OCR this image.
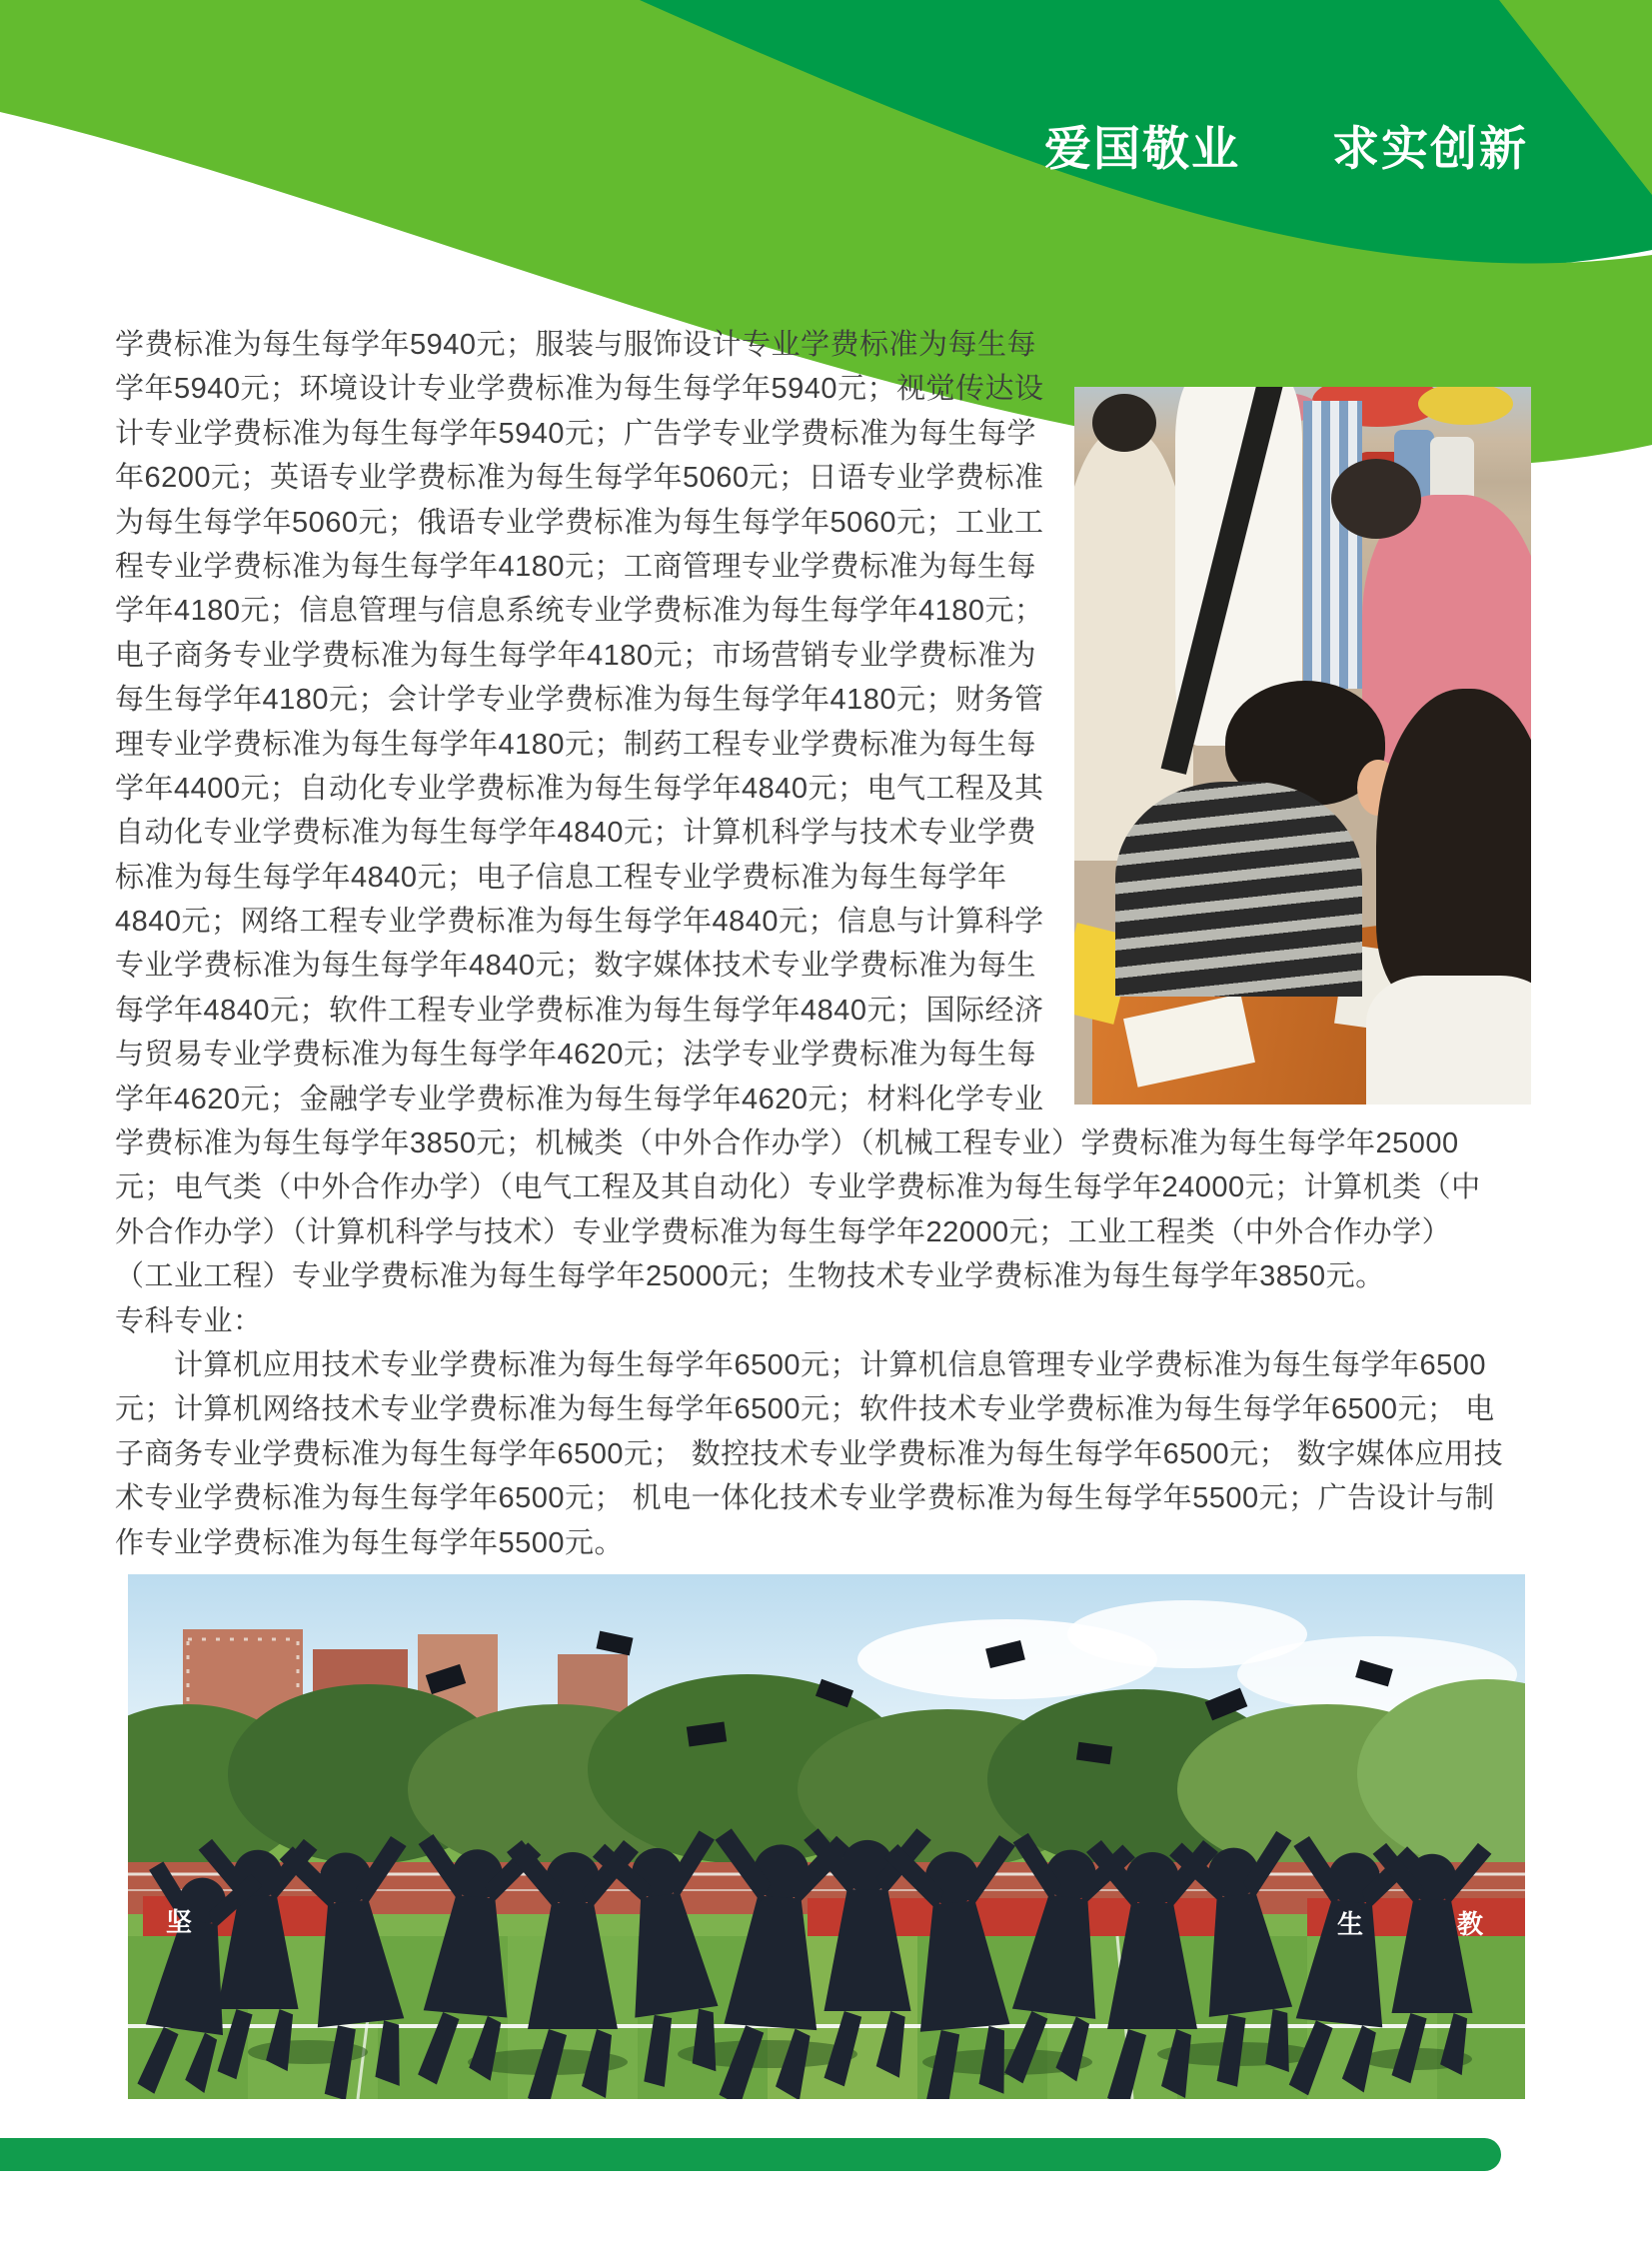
爱国敬业 求实创新
学费标准为每生每学年5940元；服装与服饰设计专业学费标准为每生每
学年5940元；环境设计专业学费标准为每生每学年5940元；视觉传达设
计专业学费标准为每生每学年5940元；广告学专业学费标准为每生每学
年6200元；英语专业学费标准为每生每学年5060元；日语专业学费标准
为每生每学年5060元；俄语专业学费标准为每生每学年5060元；工业工
程专业学费标准为每生每学年4180元；工商管理专业学费标准为每生每
学年4180元；信息管理与信息系统专业学费标准为每生每学年4180元；
电子商务专业学费标准为每生每学年4180元；市场营销专业学费标准为
每生每学年4180元；会计学专业学费标准为每生每学年4180元；财务管
理专业学费标准为每生每学年4180元；制药工程专业学费标准为每生每
学年4400元；自动化专业学费标准为每生每学年4840元；电气工程及其
自动化专业学费标准为每生每学年4840元；计算机科学与技术专业学费
标准为每生每学年4840元；电子信息工程专业学费标准为每生每学年
4840元；网络工程专业学费标准为每生每学年4840元；信息与计算科学
专业学费标准为每生每学年4840元；数字媒体技术专业学费标准为每生
每学年4840元；软件工程专业学费标准为每生每学年4840元；国际经济
与贸易专业学费标准为每生每学年4620元；法学专业学费标准为每生每
学年4620元；金融学专业学费标准为每生每学年4620元；材料化学专业
学费标准为每生每学年3850元；机械类（中外合作办学）（机械工程专业）学费标准为每生每学年25000
元；电气类（中外合作办学）（电气工程及其自动化）专业学费标准为每生每学年24000元；计算机类（中
外合作办学）（计算机科学与技术）专业学费标准为每生每学年22000元；工业工程类（中外合作办学）
（工业工程）专业学费标准为每生每学年25000元；生物技术专业学费标准为每生每学年3850元。
专科专业：
　　计算机应用技术专业学费标准为每生每学年6500元；计算机信息管理专业学费标准为每生每学年6500
元；计算机网络技术专业学费标准为每生每学年6500元；软件技术专业学费标准为每生每学年6500元； 电
子商务专业学费标准为每生每学年6500元； 数控技术专业学费标准为每生每学年6500元； 数字媒体应用技
术专业学费标准为每生每学年6500元； 机电一体化技术专业学费标准为每生每学年5500元；广告设计与制
作专业学费标准为每生每学年5500元。
坚	生	教
